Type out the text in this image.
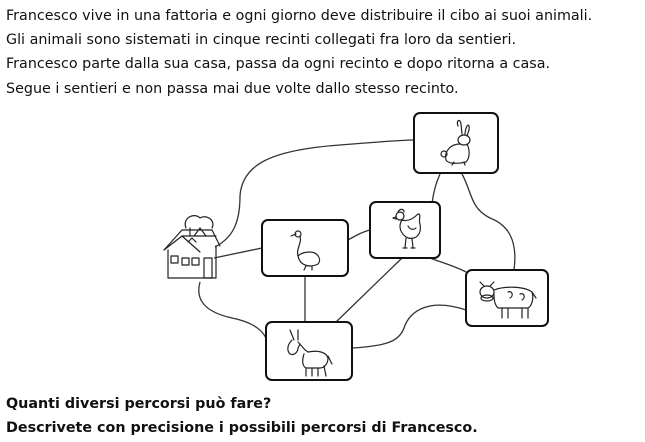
Francesco vive in una fattoria e ogni giorno deve distribuire il cibo ai suoi animali.

Gli animali sono sistemati in cinque recinti collegati fra loro da sentieri.

Francesco parte dalla sua casa, passa da ogni recinto e dopo ritorna a casa.

Segue i sentieri e non passa mai due volte dallo stesso recinto.

Quanti diversi percorsi può fare?

Descrivete con precisione i possibili percorsi di Francesco.
